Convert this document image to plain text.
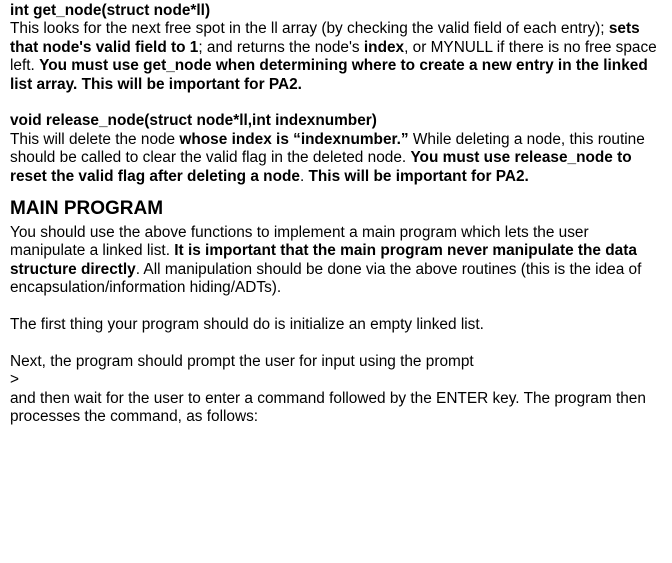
int get_node(struct node*ll)

This looks for the next free spot in the ll array (by checking the valid field of each entry); sets that node's valid field to 1; and returns the node's index, or MYNULL if there is no free space left. You must use get_node when determining where to create a new entry in the linked list array. This will be important for PA2.

void release_node(struct node*ll,int indexnumber)

This will delete the node whose index is “indexnumber.” While deleting a node, this routine should be called to clear the valid flag in the deleted node. You must use release_node to reset the valid flag after deleting a node. This will be important for PA2.

MAIN PROGRAM

You should use the above functions to implement a main program which lets the user manipulate a linked list. It is important that the main program never manipulate the data structure directly. All manipulation should be done via the above routines (this is the idea of encapsulation/information hiding/ADTs).

The first thing your program should do is initialize an empty linked list.

Next, the program should prompt the user for input using the prompt

>

and then wait for the user to enter a command followed by the ENTER key. The program then processes the command, as follows:
